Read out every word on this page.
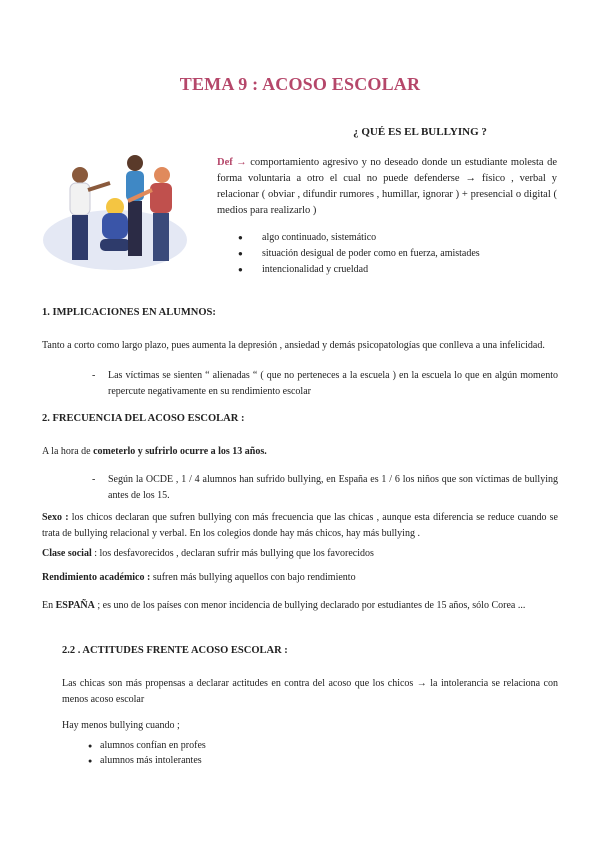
TEMA 9 : ACOSO ESCOLAR
¿ QUÉ ES EL BULLYING ?
Def → comportamiento agresivo y no deseado donde un estudiante molesta de forma voluntaria a otro el cual no puede defenderse → físico , verbal y relacionar ( obviar , difundir rumores , humillar, ignorar ) + presencial o digital ( medios para realizarlo )
● algo continuado, sistemático
● situación desigual de poder como en fuerza, amistades
● intencionalidad y crueldad
1. IMPLICACIONES EN ALUMNOS:
Tanto a corto como largo plazo, pues aumenta la depresión , ansiedad y demás psicopatologías que conlleva a una infelicidad.
-	Las víctimas se sienten “ alienadas “ ( que no perteneces a la escuela ) en la escuela lo que en algún momento repercute negativamente en su rendimiento escolar
2. FRECUENCIA DEL ACOSO ESCOLAR :
A la hora de cometerlo y sufrirlo ocurre a los 13 años.
-	Según la OCDE , 1 / 4 alumnos han sufrido bullying, en España es 1 / 6 los niños que son víctimas de bullying antes de los 15.
Sexo : los chicos declaran que sufren bullying con más frecuencia que las chicas , aunque esta diferencia se reduce cuando se trata de bullying relacional y verbal. En los colegios donde hay más chicos, hay más bullying .
Clase social : los desfavorecidos , declaran sufrir más bullying que los favorecidos
Rendimiento académico : sufren más bullying aquellos con bajo rendimiento
En ESPAÑA ; es uno de los países con menor incidencia de bullying declarado por estudiantes de 15 años, sólo Corea ...
2.2 . ACTITUDES FRENTE ACOSO ESCOLAR :
Las chicas son más propensas a declarar actitudes en contra del acoso que los chicos → la intolerancia se relaciona con menos acoso escolar
Hay menos bullying cuando ;
● alumnos confían en profes
● alumnos más intolerantes
